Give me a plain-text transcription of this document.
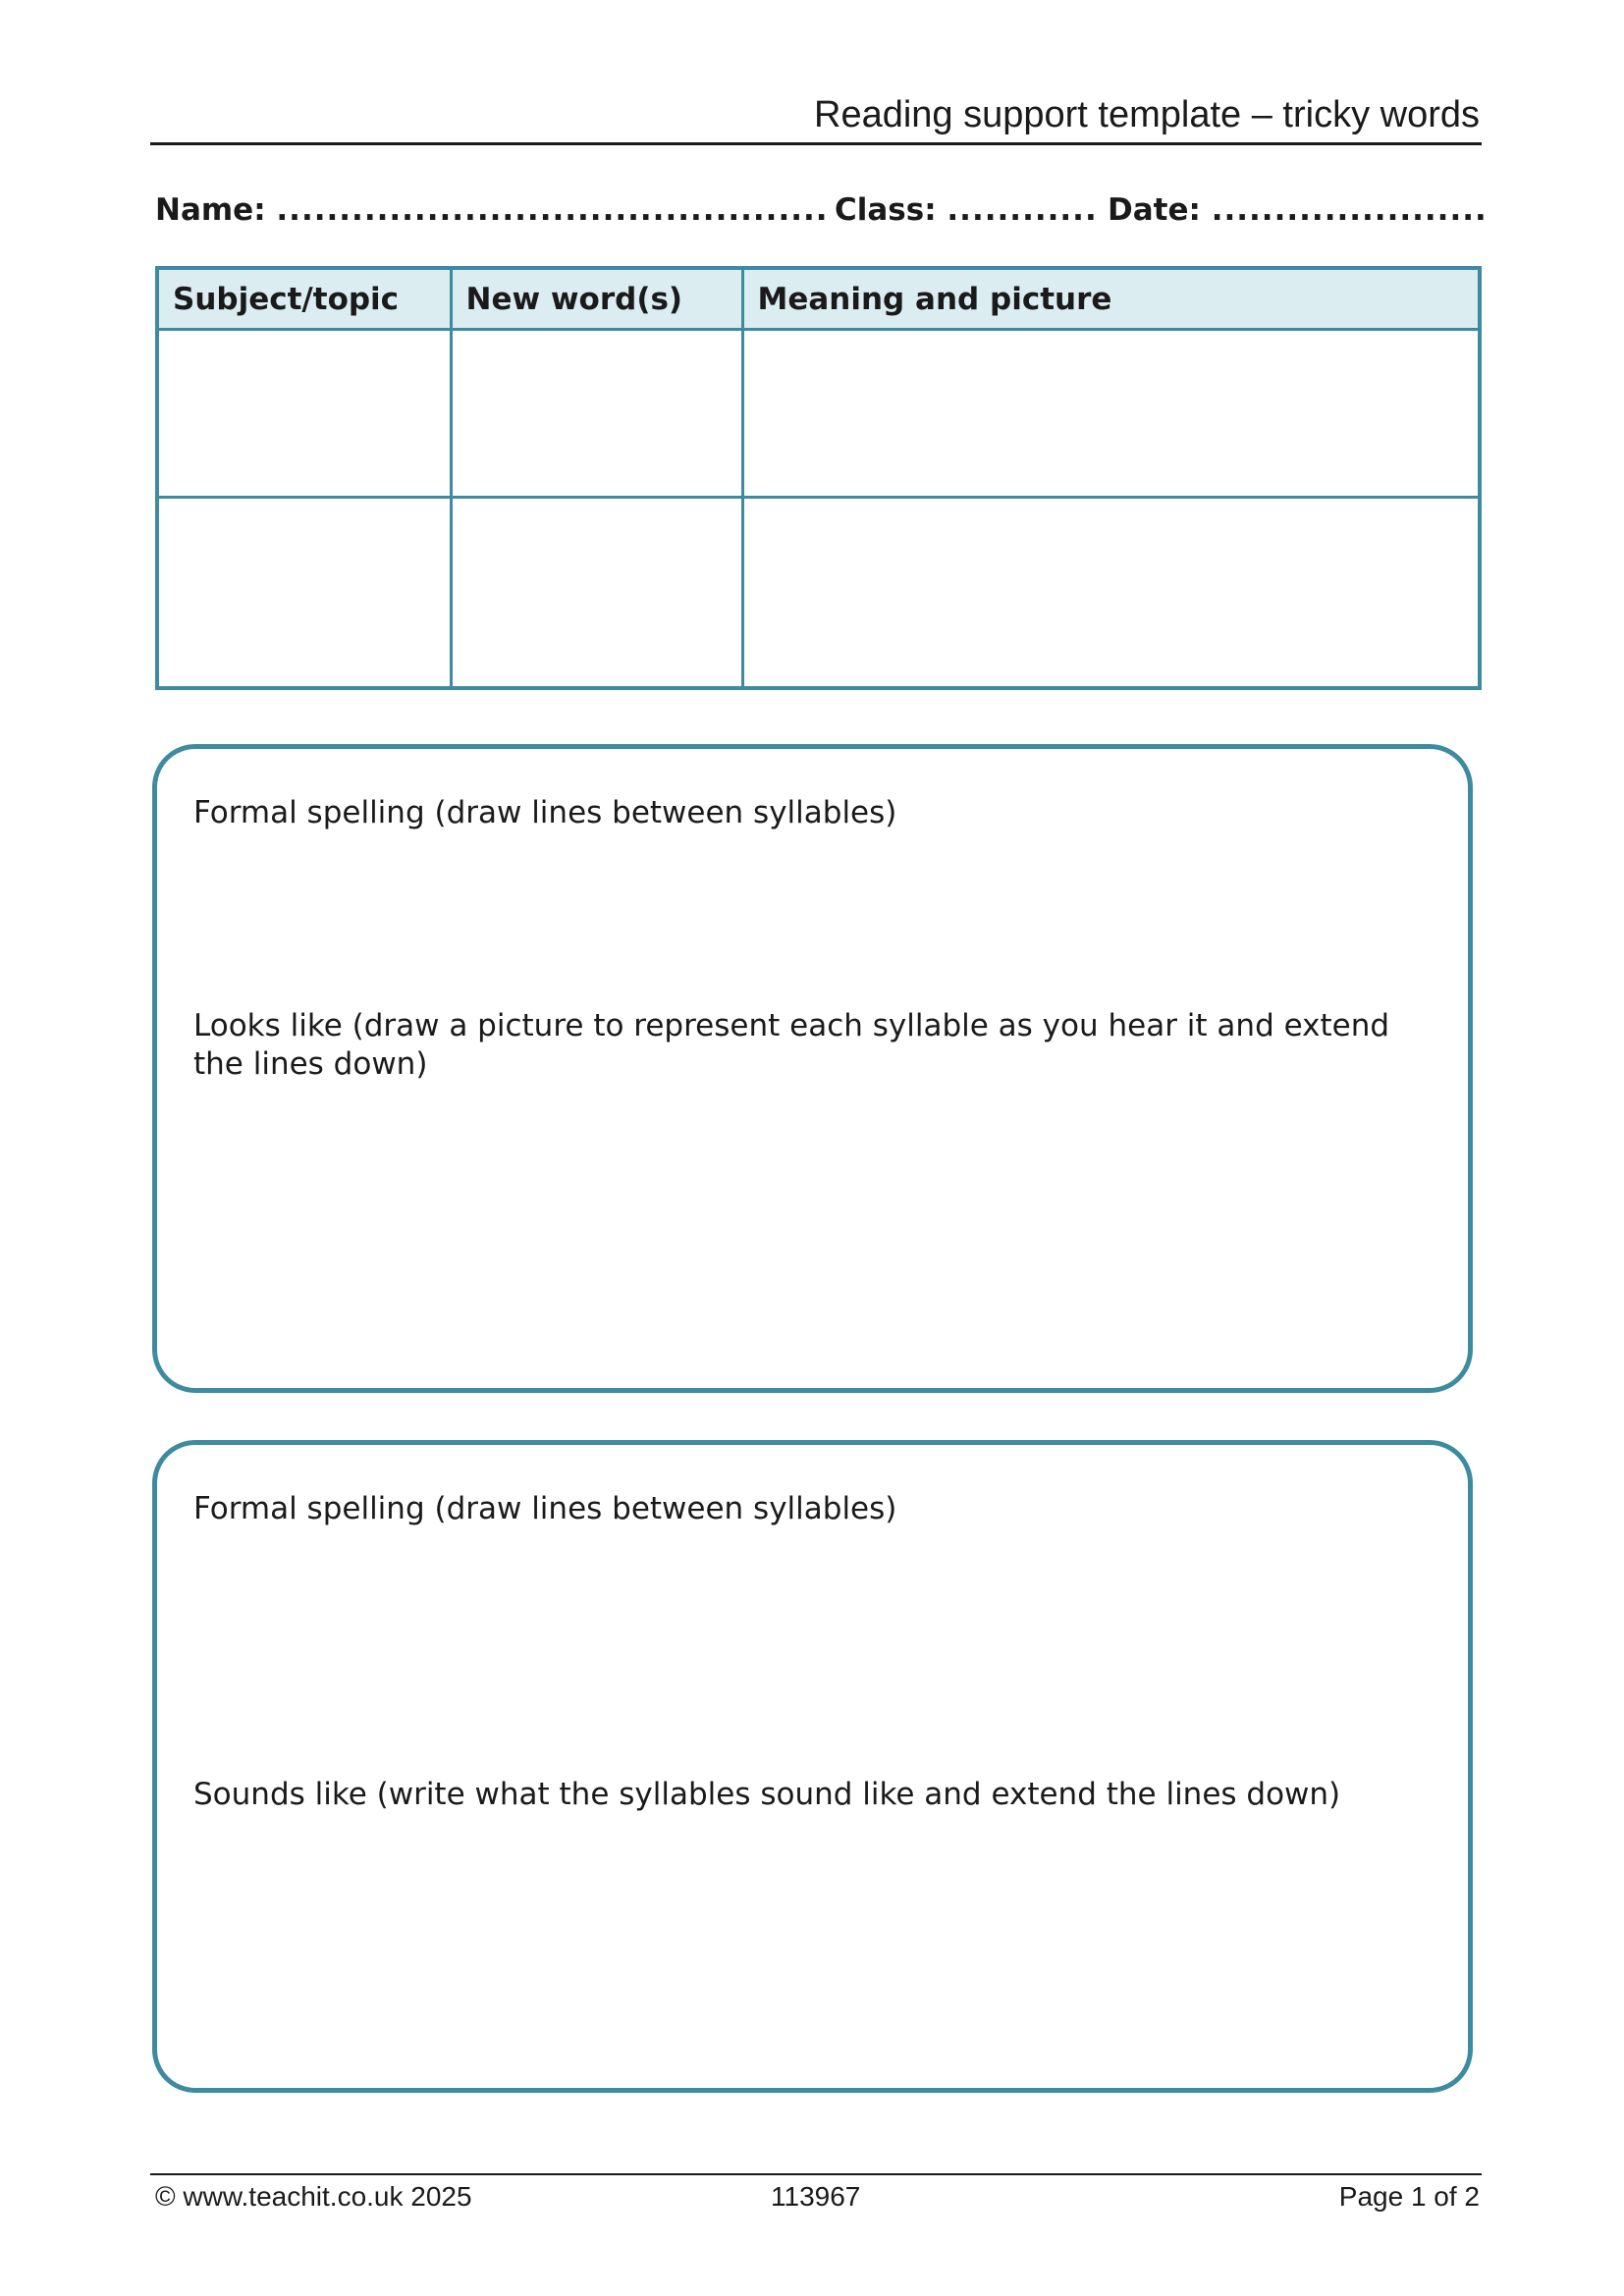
Reading support template – tricky words
Name: ............................................ Class: ............ Date: ......................
Subject/topic	New word(s)	Meaning and picture

Formal spelling (draw lines between syllables)
Looks like (draw a picture to represent each syllable as you hear it and extend the lines down)
Formal spelling (draw lines between syllables)
Sounds like (write what the syllables sound like and extend the lines down)
© www.teachit.co.uk 2025	113967	Page 1 of 2
